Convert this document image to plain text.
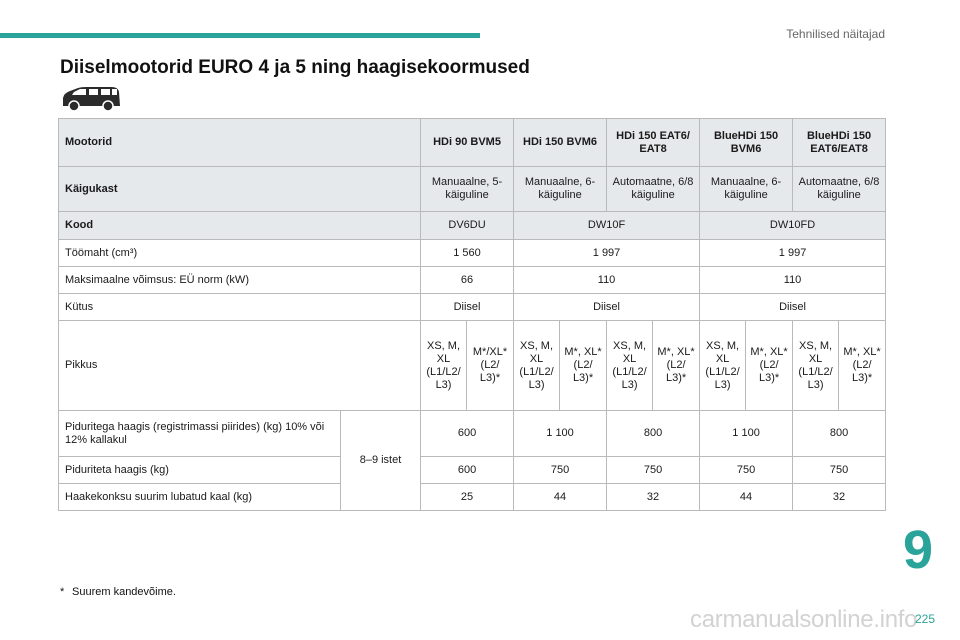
Tehnilised näitajad
Diiselmootorid EURO 4 ja 5 ning haagisekoormused
Mootorid		HDi 90 BVM5		HDi 150 BVM6		HDi 150 EAT6/ EAT8		BlueHDi 150 BVM6		BlueHDi 150 EAT6/EAT8	
Käigukast		Manuaalne, 5-käiguline		Manuaalne, 6-käiguline		Automaatne, 6/8 käiguline		Manuaalne, 6-käiguline		Automaatne, 6/8 käiguline	
Kood		DV6DU		DW10F				DW10FD			
Töömaht (cm³)		1 560		1 997				1 997			
Maksimaalne võimsus: EÜ norm (kW)		66		110				110			
Kütus		Diisel		Diisel				Diisel			
Pikkus		XS, M, XL (L1/L2/ L3)	M*/XL* (L2/ L3)*	XS, M, XL (L1/L2/ L3)	M*, XL* (L2/ L3)*	XS, M, XL (L1/L2/ L3)	M*, XL* (L2/ L3)*	XS, M, XL (L1/L2/ L3)	M*, XL* (L2/ L3)*	XS, M, XL (L1/L2/ L3)	M*, XL* (L2/ L3)*
Piduritega haagis (registrimassi piirides) (kg) 10% või 12% kallakul	8–9 istet	600		1 100		800		1 100		800	
Piduriteta haagis (kg)		600		750		750		750		750	
Haakekonksu suurim lubatud kaal (kg)		25		44		32		44		32	
9
* Suurem kandevõime.
carmanualsonline.info
225
